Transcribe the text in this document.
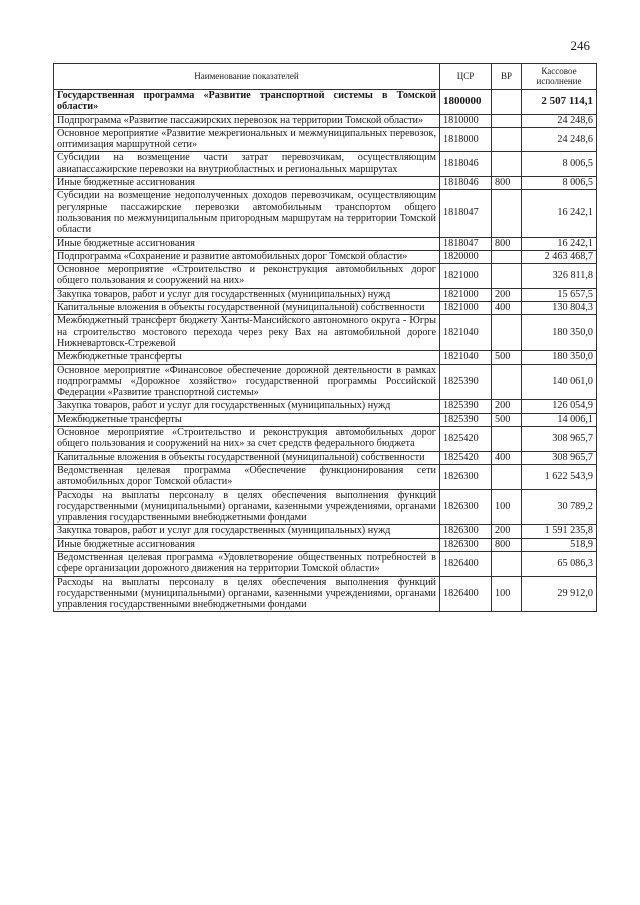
246
Наименование показателей	ЦСР	ВР	Кассовое исполнение
Государственная программа «Развитие транспортной системы в Томской области»	1800000		2 507 114,1
Подпрограмма «Развитие пассажирских перевозок на территории Томской области»	1810000		24 248,6
Основное мероприятие «Развитие межрегиональных и межмуниципальных перевозок, оптимизация маршрутной сети»	1818000		24 248,6
Субсидии на возмещение части затрат перевозчикам, осуществляющим авиапассажирские перевозки на внутриобластных и региональных маршрутах	1818046		8 006,5
Иные бюджетные ассигнования	1818046	800	8 006,5
Субсидии на возмещение недополученных доходов перевозчикам, осуществляющим регулярные пассажирские перевозки автомобильным транспортом общего пользования по межмуниципальным пригородным маршрутам на территории Томской области	1818047		16 242,1
Иные бюджетные ассигнования	1818047	800	16 242,1
Подпрограмма «Сохранение и развитие автомобильных дорог Томской области»	1820000		2 463 468,7
Основное мероприятие «Строительство и реконструкция автомобильных дорог общего пользования и сооружений на них»	1821000		326 811,8
Закупка товаров, работ и услуг для государственных (муниципальных) нужд	1821000	200	15 657,5
Капитальные вложения в объекты государственной (муниципальной) собственности	1821000	400	130 804,3
Межбюджетный трансферт бюджету Ханты-Мансийского автономного округа - Югры на строительство мостового перехода через реку Вах на автомобильной дороге Нижневартовск-Стрежевой	1821040		180 350,0
Межбюджетные трансферты	1821040	500	180 350,0
Основное мероприятие «Финансовое обеспечение дорожной деятельности в рамках подпрограммы «Дорожное хозяйство» государственной программы Российской Федерации «Развитие транспортной системы»	1825390		140 061,0
Закупка товаров, работ и услуг для государственных (муниципальных) нужд	1825390	200	126 054,9
Межбюджетные трансферты	1825390	500	14 006,1
Основное мероприятие «Строительство и реконструкция автомобильных дорог общего пользования и сооружений на них» за счет средств федерального бюджета	1825420		308 965,7
Капитальные вложения в объекты государственной (муниципальной) собственности	1825420	400	308 965,7
Ведомственная целевая программа «Обеспечение функционирования сети автомобильных дорог Томской области»	1826300		1 622 543,9
Расходы на выплаты персоналу в целях обеспечения выполнения функций государственными (муниципальными) органами, казенными учреждениями, органами управления государственными внебюджетными фондами	1826300	100	30 789,2
Закупка товаров, работ и услуг для государственных (муниципальных) нужд	1826300	200	1 591 235,8
Иные бюджетные ассигнования	1826300	800	518,9
Ведомственная целевая программа «Удовлетворение общественных потребностей в сфере организации дорожного движения на территории Томской области»	1826400		65 086,3
Расходы на выплаты персоналу в целях обеспечения выполнения функций государственными (муниципальными) органами, казенными учреждениями, органами управления государственными внебюджетными фондами	1826400	100	29 912,0
